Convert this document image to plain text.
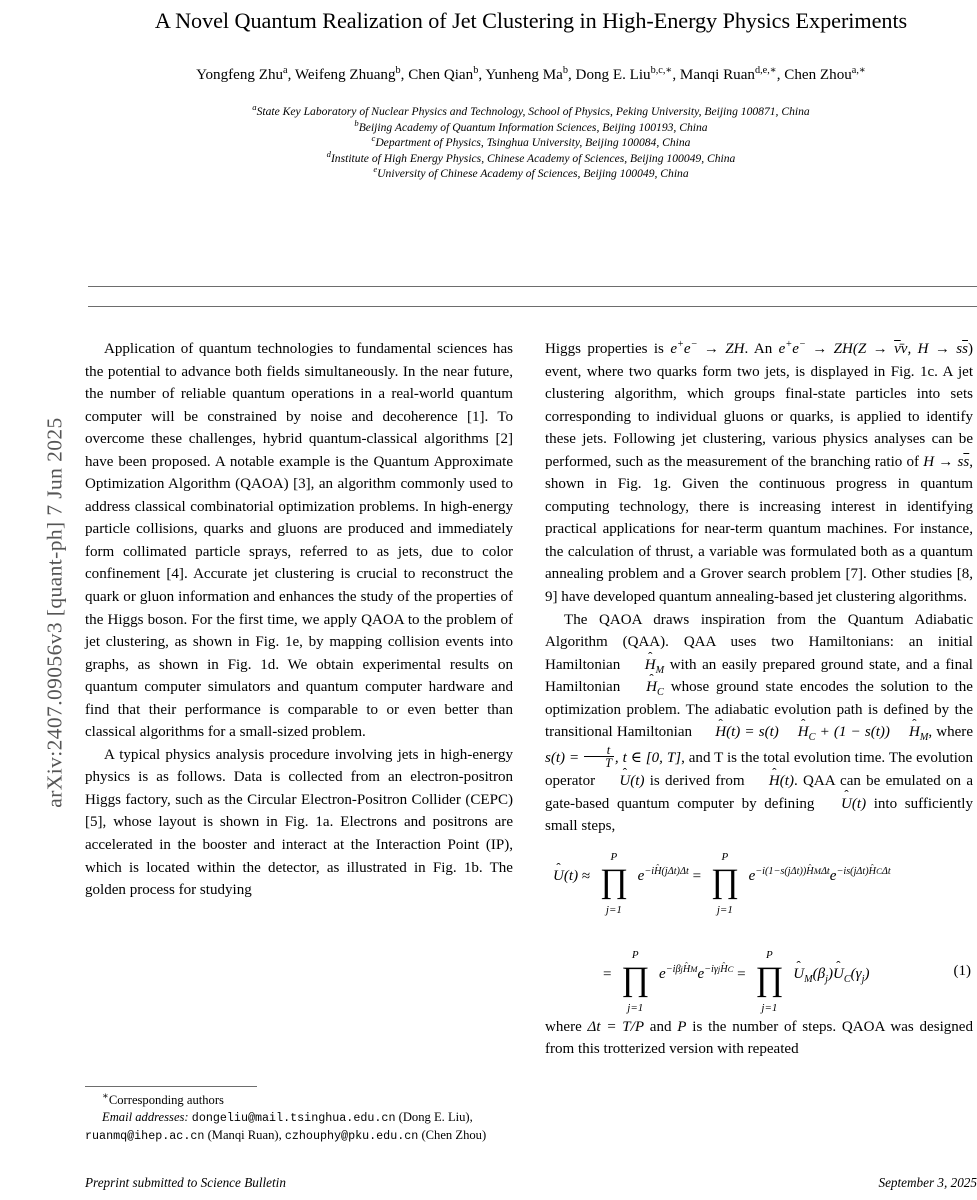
arXiv:2407.09056v3 [quant-ph] 7 Jun 2025
A Novel Quantum Realization of Jet Clustering in High-Energy Physics Experiments
Yongfeng Zhu$^a$, Weifeng Zhuang$^b$, Chen Qian$^b$, Yunheng Ma$^b$, Dong E. Liu$^{b,c,∗}$, Manqi Ruan$^{d,e,∗}$, Chen Zhou$^{a,∗}$
$^a$State Key Laboratory of Nuclear Physics and Technology, School of Physics, Peking University, Beijing 100871, China
$^b$Beijing Academy of Quantum Information Sciences, Beijing 100193, China
$^c$Department of Physics, Tsinghua University, Beijing 100084, China
$^d$Institute of High Energy Physics, Chinese Academy of Sciences, Beijing 100049, China
$^e$University of Chinese Academy of Sciences, Beijing 100049, China

Application of quantum technologies to fundamental sciences has the potential to advance both fields simultaneously. In the near future, the number of reliable quantum operations in a real-world quantum computer will be constrained by noise and decoherence [1]. To overcome these challenges, hybrid quantum-classical algorithms [2] have been proposed. A notable example is the Quantum Approximate Optimization Algorithm (QAOA) [3], an algorithm commonly used to address classical combinatorial optimization problems. In high-energy particle collisions, quarks and gluons are produced and immediately form collimated particle sprays, referred to as jets, due to color confinement [4]. Accurate jet clustering is crucial to reconstruct the quark or gluon information and enhances the study of the properties of the Higgs boson. For the first time, we apply QAOA to the problem of jet clustering, as shown in Fig. 1e, by mapping collision events into graphs, as shown in Fig. 1d. We obtain experimental results on quantum computer simulators and quantum computer hardware and find that their performance is comparable to or even better than classical algorithms for a small-sized problem.

A typical physics analysis procedure involving jets in high-energy physics is as follows. Data is collected from an electron-positron Higgs factory, such as the Circular Electron-Positron Collider (CEPC) [5], whose layout is shown in Fig. 1a. Electrons and positrons are accelerated in the booster and interact at the Interaction Point (IP), which is located within the detector, as illustrated in Fig. 1b. The golden process for studying

Higgs properties is e+e− → ZH. An $e^+e^- \to ZH(Z \to \overline{\nu}̄\nu$, $H \to s\overline{s}$) event, where two quarks form two jets, is displayed in Fig. 1c. A jet clustering algorithm, which groups final-state particles into sets corresponding to individual gluons or quarks, is applied to identify these jets. Following jet clustering, various physics analyses can be performed, such as the measurement of the branching ratio of $H \to s\overline{s}$, shown in Fig. 1g. Given the continuous progress in quantum computing technology, there is increasing interest in identifying practical applications for near-term quantum machines. For instance, the calculation of thrust, a variable was formulated both as a quantum annealing problem and a Grover search problem [7]. Other studies [8, 9] have developed quantum annealing-based jet clustering algorithms.

The QAOA draws inspiration from the Quantum Adiabatic Algorithm (QAA). QAA uses two Hamiltonians: an initial Hamiltonian H
$_M$ with an easily prepared ground state, and a final Hamiltonian H
$_C$ whose ground state encodes the solution to the optimization problem. The adiabatic evolution path is defined by the transitional Hamiltonian H
(t) = s(t) H
$_C$ + (1 − s(t)) H
$_M$, where $s(t) = \frac{t}{T}$ , t ∈ [0, T], and T is the total evolution time. The evolution operator U
(t) is derived from H
(t). QAA can be emulated on a gate-based quantum computer by defining U
(t) into sufficiently small steps,

U
(t) ≈
P
∏
j=1
$e^{-iH (j\Delta t)\Delta t}$ =
P
∏
j=1
$e^{-i(1-s(j\Delta t))H M\Delta t}e^{-is(j\Delta t)H C\Delta t}$
=
P
∏
j=1
$e^{-i\beta jH M}e^{-i\gamma jH C}$ =
P
∏
j=1
U
$_M(\beta_j)U$
$_C(\gamma_j)$	(1)

where Δt = T/P and P is the number of steps. QAOA was designed from this trotterized version with repeated

∗Corresponding authors

Email addresses: dongeliu@mail.tsinghua.edu.cn (Dong E. Liu), ruanmq@ihep.ac.cn (Manqi Ruan), czhouphy@pku.edu.cn (Chen Zhou)

Preprint submitted to Science Bulletin	September 3, 2025
